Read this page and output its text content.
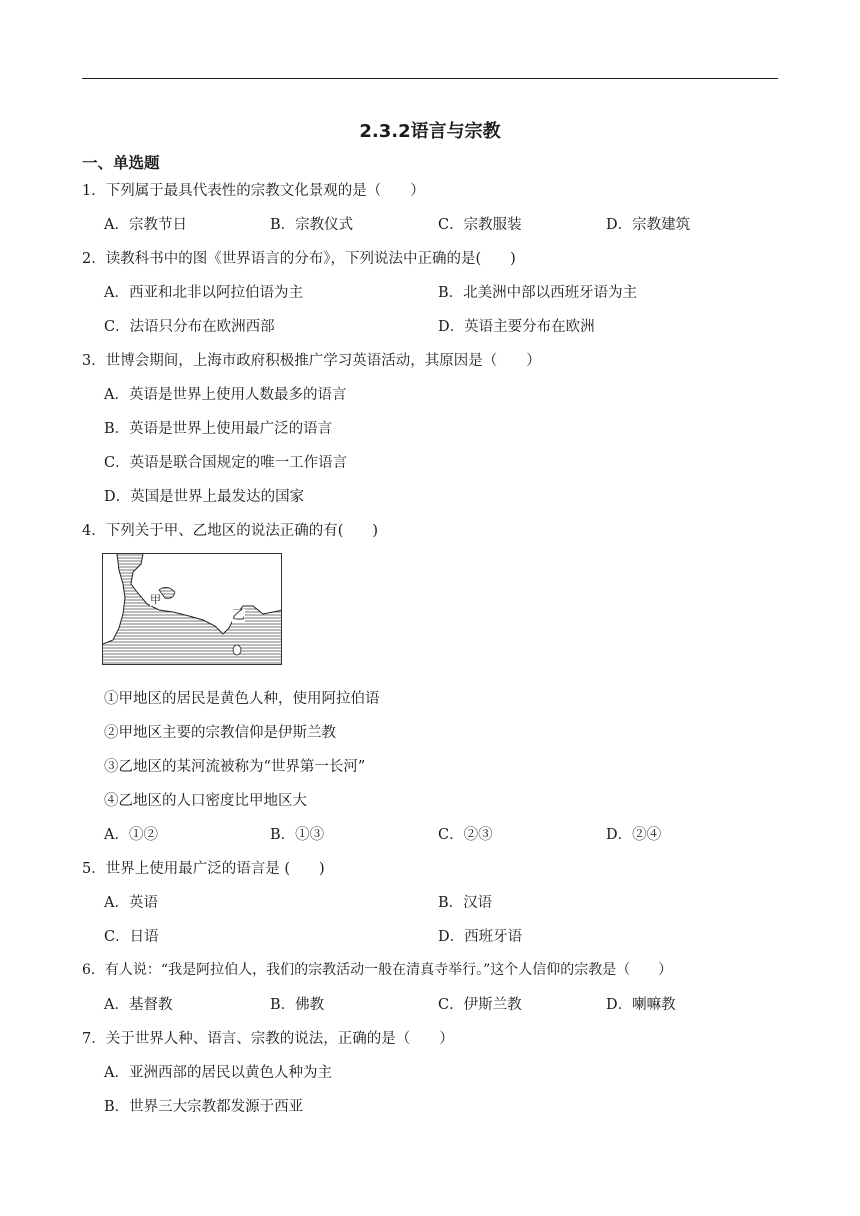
2.3.2语言与宗教
一、单选题
1．下列属于最具代表性的宗教文化景观的是（　　）
A．宗教节日	B．宗教仪式	C．宗教服装	D．宗教建筑
2．读教科书中的图《世界语言的分布》，下列说法中正确的是(　　)
A．西亚和北非以阿拉伯语为主	B．北美洲中部以西班牙语为主
C．法语只分布在欧洲西部	D．英语主要分布在欧洲
3．世博会期间，上海市政府积极推广学习英语活动，其原因是（　　）
A．英语是世界上使用人数最多的语言
B．英语是世界上使用最广泛的语言
C．英语是联合国规定的唯一工作语言
D．英国是世界上最发达的国家
4．下列关于甲、乙地区的说法正确的有(　　)
甲
乙
①甲地区的居民是黄色人种，使用阿拉伯语
②甲地区主要的宗教信仰是伊斯兰教
③乙地区的某河流被称为“世界第一长河”
④乙地区的人口密度比甲地区大
A．①②	B．①③	C．②③	D．②④
5．世界上使用最广泛的语言是 (　　)
A．英语	B．汉语
C．日语	D．西班牙语
6．有人说：“我是阿拉伯人，我们的宗教活动一般在清真寺举行。”这个人信仰的宗教是（　　）
A．基督教	B．佛教	C．伊斯兰教	D．喇嘛教
7．关于世界人种、语言、宗教的说法，正确的是（　　）
A．亚洲西部的居民以黄色人种为主
B．世界三大宗教都发源于西亚
